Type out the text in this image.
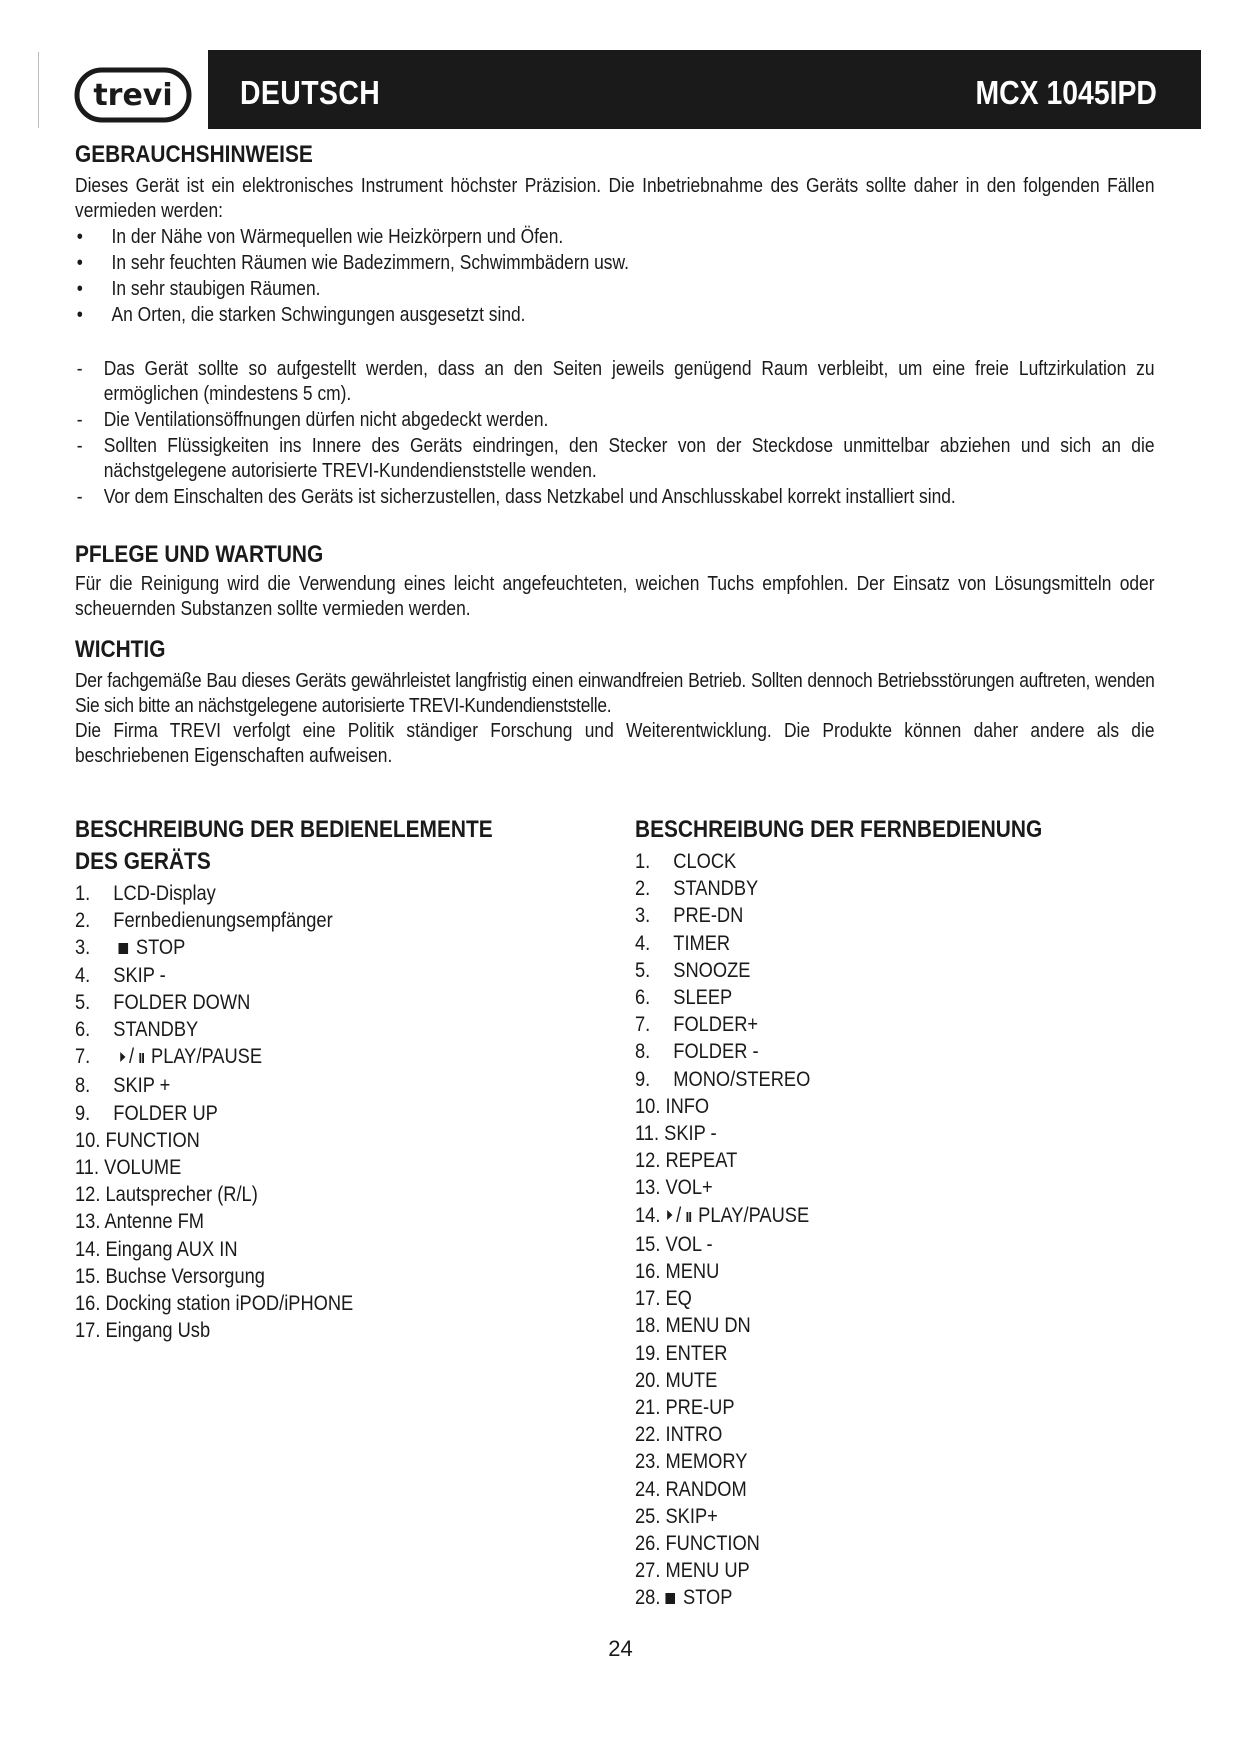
trevi DEUTSCH	MCX 1045IPD
GEBRAUCHSHINWEISE

Dieses Gerät ist ein elektronisches Instrument höchster Präzision. Die Inbetriebnahme des Geräts sollte daher in den folgenden Fällen vermieden werden:

• In der Nähe von Wärmequellen wie Heizkörpern und Öfen.
• In sehr feuchten Räumen wie Badezimmern, Schwimmbädern usw.
• In sehr staubigen Räumen.
• An Orten, die starken Schwingungen ausgesetzt sind.
- Das Gerät sollte so aufgestellt werden, dass an den Seiten jeweils genügend Raum verbleibt, um eine freie Luftzirkulation zu ermöglichen (mindestens 5 cm).
- Die Ventilationsöffnungen dürfen nicht abgedeckt werden.
- Sollten Flüssigkeiten ins Innere des Geräts eindringen, den Stecker von der Steckdose unmittelbar abziehen und sich an die nächstgelegene autorisierte TREVI-Kundendienststelle wenden.
- Vor dem Einschalten des Geräts ist sicherzustellen, dass Netzkabel und Anschlusskabel korrekt installiert sind.
PFLEGE UND WARTUNG

Für die Reinigung wird die Verwendung eines leicht angefeuchteten, weichen Tuchs empfohlen. Der Einsatz von Lösungsmitteln oder scheuernden Substanzen sollte vermieden werden.

WICHTIG

Der fachgemäße Bau dieses Geräts gewährleistet langfristig einen einwandfreien Betrieb. Sollten dennoch Betriebsstörungen auftreten, wenden Sie sich bitte an nächstgelegene autorisierte TREVI-Kundendienststelle.

Die Firma TREVI verfolgt eine Politik ständiger Forschung und Weiterentwicklung. Die Produkte können daher andere als die beschriebenen Eigenschaften aufweisen.

BESCHREIBUNG DER BEDIENELEMENTE DES GERÄTS
1. LCD-Display
2. Fernbedienungsempfänger
3. STOP
4. SKIP -
5. FOLDER DOWN
6. STANDBY
7. / II PLAY/PAUSE
8. SKIP +
9. FOLDER UP
10. FUNCTION
11. VOLUME
12. Lautsprecher (R/L)
13. Antenne FM
14. Eingang AUX IN
15. Buchse Versorgung
16. Docking station iPOD/iPHONE
17. Eingang Usb
BESCHREIBUNG DER FERNBEDIENUNG
1. CLOCK
2. STANDBY
3. PRE-DN
4. TIMER
5. SNOOZE
6. SLEEP
7. FOLDER+
8. FOLDER -
9. MONO/STEREO
10. INFO
11. SKIP -
12. REPEAT
13. VOL+
14. / II PLAY/PAUSE
15. VOL -
16. MENU
17. EQ
18. MENU DN
19. ENTER
20. MUTE
21. PRE-UP
22. INTRO
23. MEMORY
24. RANDOM
25. SKIP+
26. FUNCTION
27. MENU UP
28. STOP
24
